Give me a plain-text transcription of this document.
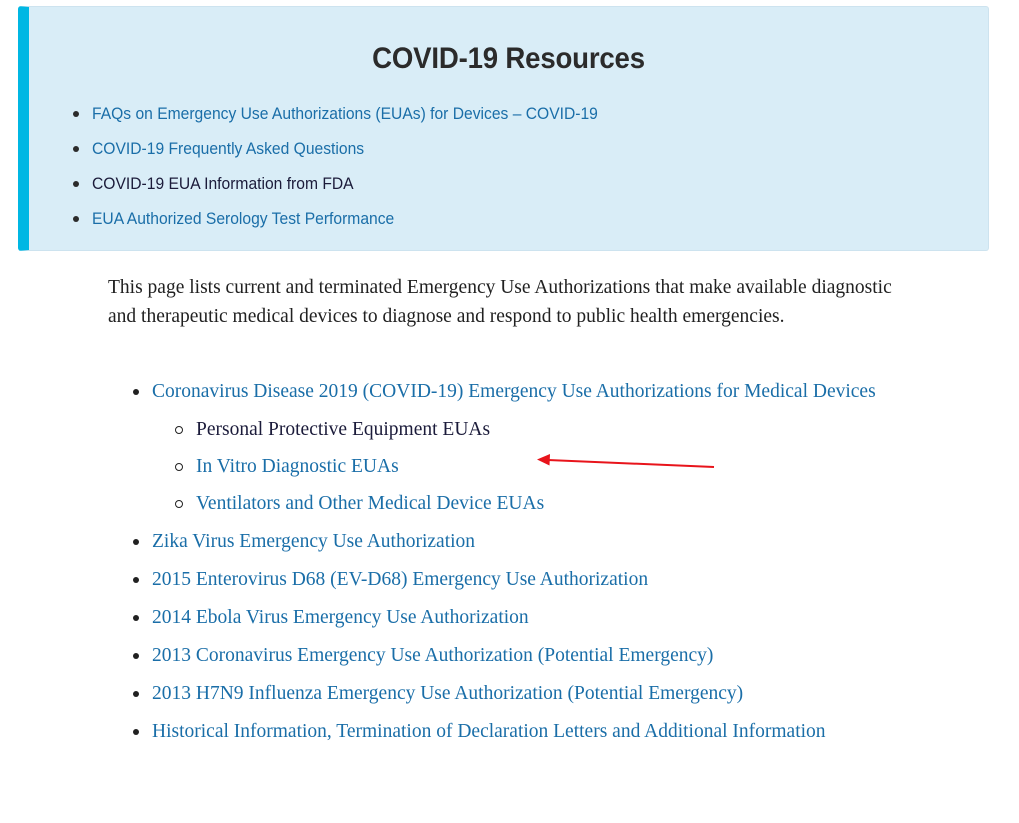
COVID-19 Resources
FAQs on Emergency Use Authorizations (EUAs) for Devices – COVID-19
COVID-19 Frequently Asked Questions
COVID-19 EUA Information from FDA
EUA Authorized Serology Test Performance

This page lists current and terminated Emergency Use Authorizations that make available diagnostic and therapeutic medical devices to diagnose and respond to public health emergencies.

Coronavirus Disease 2019 (COVID-19) Emergency Use Authorizations for Medical Devices
Personal Protective Equipment EUAs
In Vitro Diagnostic EUAs
Ventilators and Other Medical Device EUAs
Zika Virus Emergency Use Authorization
2015 Enterovirus D68 (EV-D68) Emergency Use Authorization
2014 Ebola Virus Emergency Use Authorization
2013 Coronavirus Emergency Use Authorization (Potential Emergency)
2013 H7N9 Influenza Emergency Use Authorization (Potential Emergency)
Historical Information, Termination of Declaration Letters and Additional Information
